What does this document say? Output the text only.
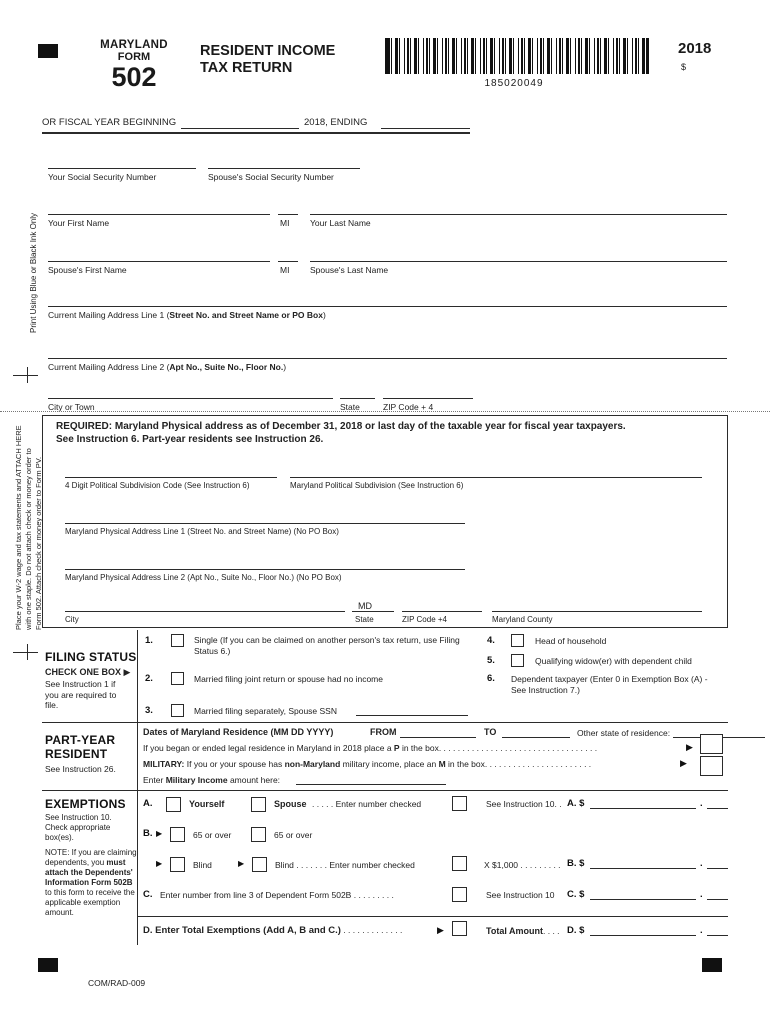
MARYLAND
FORM
502
RESIDENT INCOME
TAX RETURN
185020049
2018
$
OR FISCAL YEAR BEGINNING	2018, ENDING
Print Using Blue or Black Ink Only
Place your W-2 wage and tax statements and ATTACH HERE with one staple. Do not attach check or money order to Form 502. Attach check or money order to Form PV.
Your Social Security Number	Spouse's Social Security Number
Your First Name	MI Your Last Name
Spouse's First Name	MI Spouse's Last Name
Current Mailing Address Line 1 (Street No. and Street Name or PO Box)
Current Mailing Address Line 2 (Apt No., Suite No., Floor No.)
City or Town	State	ZIP Code + 4
REQUIRED: Maryland Physical address as of December 31, 2018 or last day of the taxable year for fiscal year taxpayers.
See Instruction 6. Part-year residents see Instruction 26.
4 Digit Political Subdivision Code (See Instruction 6)	Maryland Political Subdivision (See Instruction 6)
Maryland Physical Address Line 1 (Street No. and Street Name) (No PO Box)
Maryland Physical Address Line 2 (Apt No., Suite No., Floor No.) (No PO Box)
MD
City	State	ZIP Code +4	Maryland County
FILING STATUS
CHECK ONE BOX ▶
See Instruction 1 if you are required to file.
1.	Single (If you can be claimed on another person's tax return, use Filing Status 6.)
2.	Married filing joint return or spouse had no income
3.	Married filing separately, Spouse SSN
4.	Head of household
5.	Qualifying widow(er) with dependent child
6. Dependent taxpayer (Enter 0 in Exemption Box (A) - See Instruction 7.)
PART-YEAR
RESIDENT
See Instruction 26.
Dates of Maryland Residence (MM DD YYYY)	FROM	TO	Other state of residence:
If you began or ended legal residence in Maryland in 2018 place a P in the box. . . . . . . . . . . . . . . . . . . . . . . . . . . . . . . . . .	▶
MILITARY: If you or your spouse has non-Maryland military income, place an M in the box. . . . . . . . . . . . . . . . . . . . . . .	▶
Enter Military Income amount here:
EXEMPTIONS
See Instruction 10. Check appropriate box(es).
NOTE: If you are claiming dependents, you must attach the Dependents' Information Form 502B to this form to receive the applicable exemption amount.
A.	Yourself	Spouse . . . . . Enter number checked	See Instruction 10. . A. $	.
B. ▶	65 or over	65 or over
▶	Blind	▶	Blind . . . . . . . Enter number checked	X $1,000 . . . . . . . . . B. $	.
C. Enter number from line 3 of Dependent Form 502B . . . . . . . . .	See Instruction 10 C. $	.
D. Enter Total Exemptions (Add A, B and C.) . . . . . . . . . . . . .	▶	Total Amount. . . . D. $	.
COM/RAD-009
